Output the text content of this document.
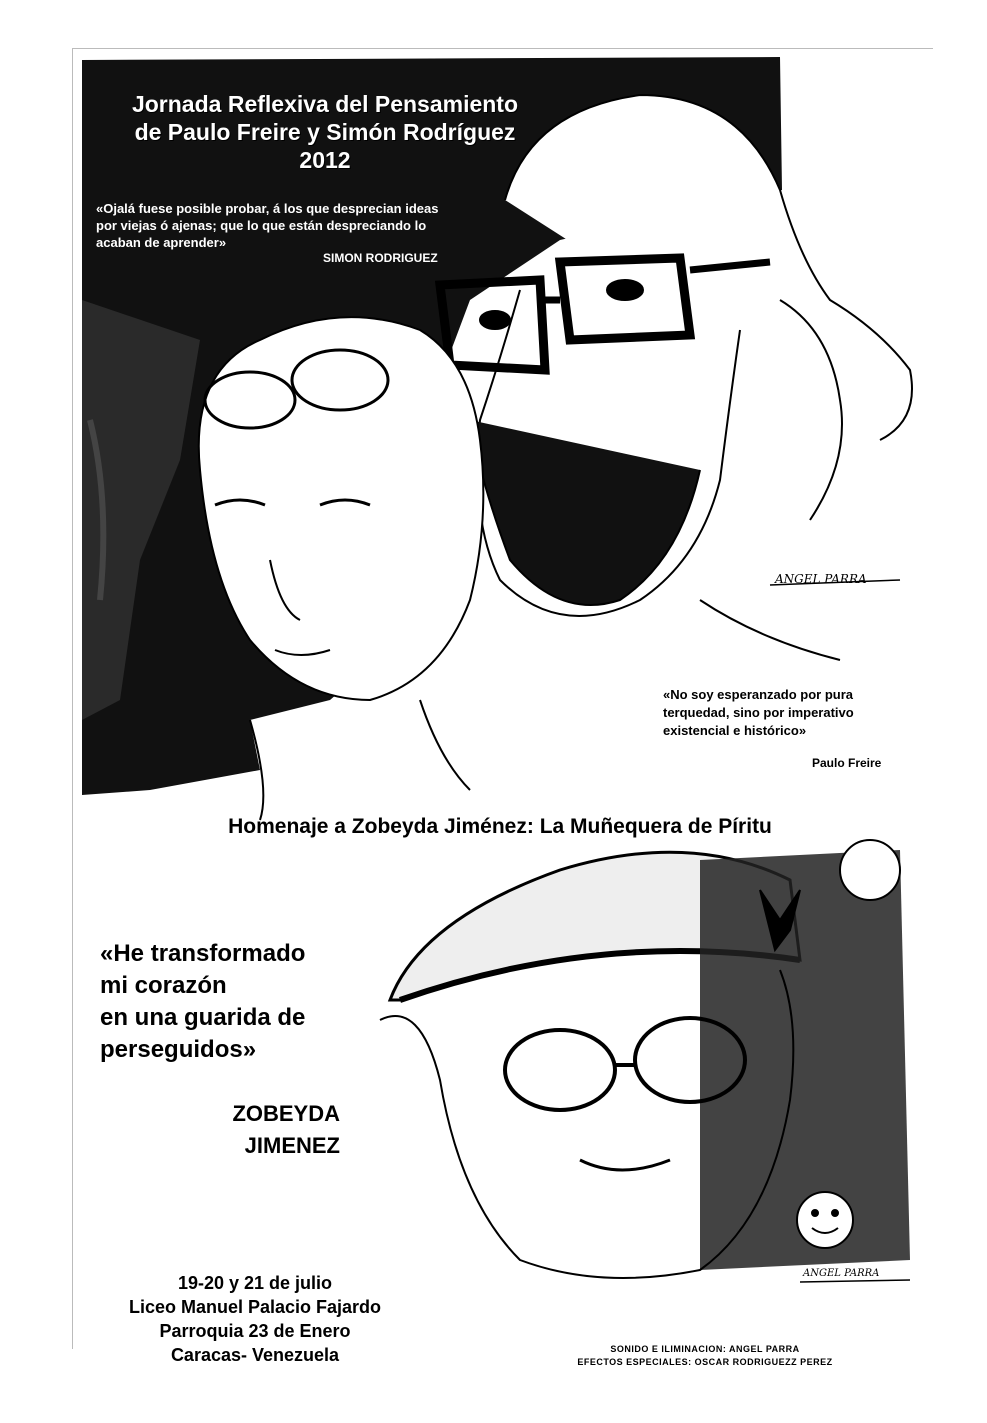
ANGEL PARRA
ANGEL PARRA
Jornada Reflexiva del Pensamiento
de Paulo Freire y Simón Rodríguez
2012
«Ojalá fuese posible probar, á los que desprecian ideas
por viejas ó ajenas; que lo que están despreciando lo
acaban de aprender»
SIMON RODRIGUEZ
«No soy esperanzado por pura
terquedad, sino por imperativo
existencial e histórico»
Paulo Freire
Homenaje a Zobeyda Jiménez: La Muñequera de Píritu
«He transformado
mi corazón
en una guarida de
perseguidos»
ZOBEYDA
JIMENEZ
19-20 y 21 de julio
Liceo Manuel Palacio Fajardo
Parroquia 23 de Enero
Caracas- Venezuela	SONIDO E ILIMINACION: ANGEL PARRA
EFECTOS ESPECIALES: OSCAR RODRIGUEZZ PEREZ
